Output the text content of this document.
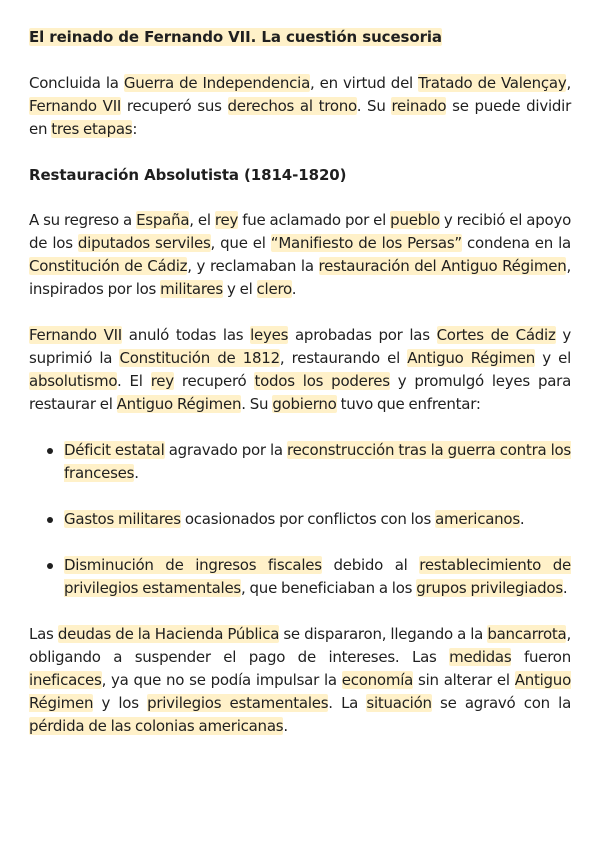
El reinado de Fernando VII. La cuestión sucesoria

Concluida la Guerra de Independencia, en virtud del Tratado de Valençay, Fernando VII recuperó sus derechos al trono. Su reinado se puede dividir en tres etapas:

Restauración Absolutista (1814-1820)

A su regreso a España, el rey fue aclamado por el pueblo y recibió el apoyo de los diputados serviles, que el “Manifiesto de los Persas” condena en la Constitución de Cádiz, y reclamaban la restauración del Antiguo Régimen, inspirados por los militares y el clero.

Fernando VII anuló todas las leyes aprobadas por las Cortes de Cádiz y suprimió la Constitución de 1812, restaurando el Antiguo Régimen y el absolutismo. El rey recuperó todos los poderes y promulgó leyes para restaurar el Antiguo Régimen. Su gobierno tuvo que enfrentar:

Déficit estatal agravado por la reconstrucción tras la guerra contra los franceses.
Gastos militares ocasionados por conflictos con los americanos.
Disminución de ingresos fiscales debido al restablecimiento de privilegios estamentales, que beneficiaban a los grupos privilegiados.

Las deudas de la Hacienda Pública se dispararon, llegando a la bancarrota, obligando a suspender el pago de intereses. Las medidas fueron ineficaces, ya que no se podía impulsar la economía sin alterar el Antiguo Régimen y los privilegios estamentales. La situación se agravó con la pérdida de las colonias americanas.
